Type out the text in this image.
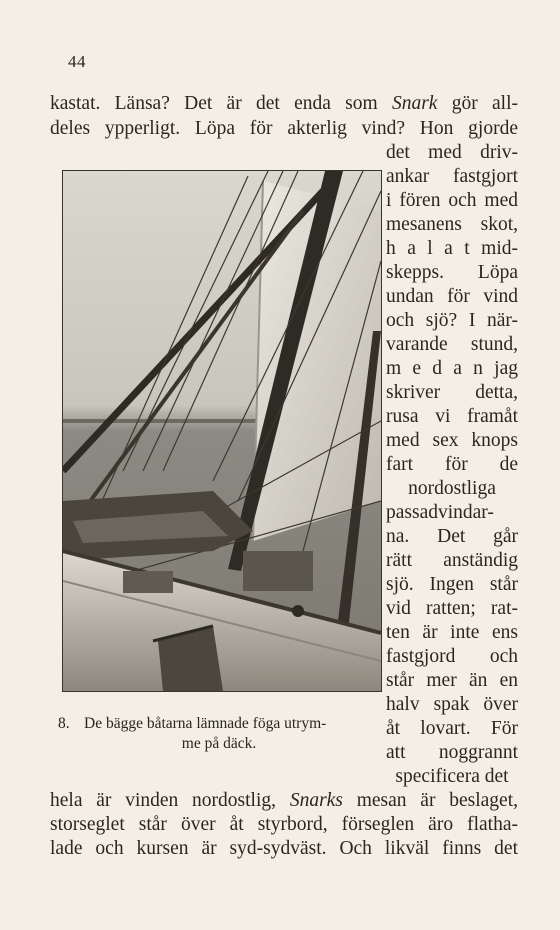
44

kastat. Länsa? Det är det enda som Snark gör all-

deles ypperligt. Löpa för akterlig vind? Hon gjorde

8. De bägge båtarna lämnade föga utrym-
me på däck.

det med driv-

ankar fastgjort

i fören och med

mesanens skot,

h a l a t mid-

skepps. Löpa

undan för vind

och sjö? I när-

varande stund,

m e d a n jag

skriver detta,

rusa vi framåt

med sex knops

fart för de

nordostliga

passadvindar-

na. Det går

rätt anständig

sjö. Ingen står

vid ratten; rat-

ten är inte ens

fastgjord och

står mer än en

halv spak över

åt lovart. För

att noggrannt

specificera det

hela är vinden nordostlig, Snarks mesan är beslaget,

storseglet står över åt styrbord, förseglen äro flatha-

lade och kursen är syd-sydväst. Och likväl finns det
